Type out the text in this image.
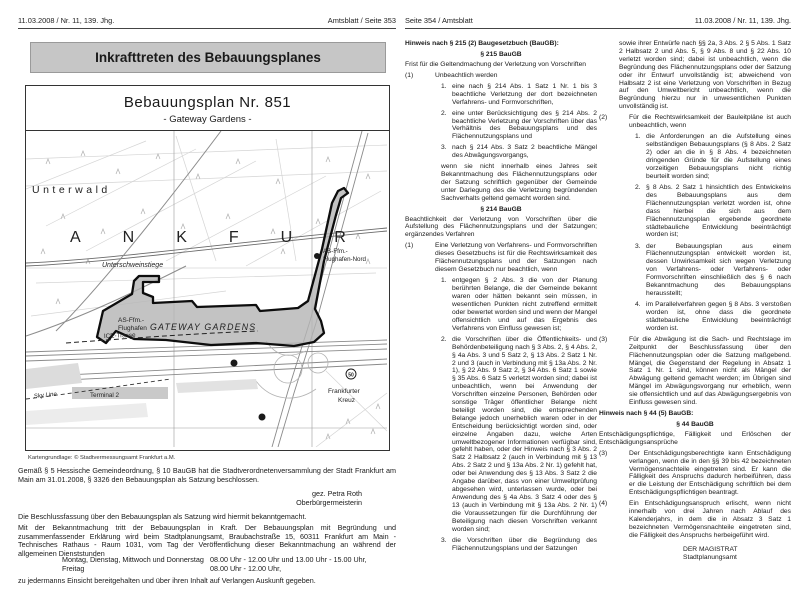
11.03.2008 / Nr. 11, 139. Jhg.	Amtsblatt / Seite 353
Inkrafttreten des Bebauungsplanes
Bebauungsplan Nr. 851
- Gateway Gardens -
50
Unterwald
ANKFUR
Unterschweinstiege
AS-Ffm.-
Flughafen-Nord
AS-Ffm.-
Flughafen GATEWAY GARDENS
ICE-Trasse
Terminal 2
Sky Line
Frankfurter
Kreuz
Kartengrundlage: © Stadtvermessungsamt Frankfurt a.M.
Gemäß § 5 Hessische Gemeindeordnung, § 10 BauGB hat die Stadtverordnetenversammlung der Stadt Frankfurt am Main am 31.01.2008, § 3326 den Bebauungsplan als Satzung beschlossen.
gez. Petra Roth
Oberbürgermeisterin
Die Beschlussfassung über den Bebauungsplan als Satzung wird hiermit bekanntgemacht.
Mit der Bekanntmachung tritt der Bebauungsplan in Kraft. Der Bebauungsplan mit Begründung und zusammenfassender Erklärung wird beim Stadtplanungsamt, Braubachstraße 15, 60311 Frankfurt am Main - Technisches Rathaus - Raum 1031, vom Tag der Veröffentlichung dieser Bekanntmachung an während der allgemeinen Dienststunden
Montag, Dienstag, Mittwoch und Donnerstag 08.00 Uhr - 12.00 Uhr und 13.00 Uhr - 15.00 Uhr,
Freitag	08.00 Uhr - 12.00 Uhr,
zu jedermanns Einsicht bereitgehalten und über ihren Inhalt auf Verlangen Auskunft gegeben.
Seite 354 / Amtsblatt	11.03.2008 / Nr. 11, 139. Jhg.
Hinweis nach § 215 (2) Baugesetzbuch (BauGB):
§ 215 BauGB
Frist für die Geltendmachung der Verletzung von Vorschriften
(1)	Unbeachtlich werden
1. eine nach § 214 Abs. 1 Satz 1 Nr. 1 bis 3 beachtliche Verletzung der dort bezeichneten Verfahrens- und Formvorschriften,
2. eine unter Berücksichtigung des § 214 Abs. 2 beachtliche Verletzung der Vorschriften über das Verhältnis des Bebauungsplans und des Flächennutzungsplans und
3. nach § 214 Abs. 3 Satz 2 beachtliche Mängel des Abwägungsvorgangs,
wenn sie nicht innerhalb eines Jahres seit Bekanntmachung des Flächennutzungsplans oder der Satzung schriftlich gegenüber der Gemeinde unter Darlegung des die Verletzung begründenden Sachverhalts geltend gemacht worden sind.
§ 214 BauGB
Beachtlichkeit der Verletzung von Vorschriften über die Aufstellung des Flächennutzungsplans und der Satzungen; ergänzendes Verfahren
(1)	Eine Verletzung von Verfahrens- und Formvorschriften dieses Gesetzbuchs ist für die Rechtswirksamkeit des Flächennutzungsplans und der Satzungen nach diesem Gesetzbuch nur beachtlich, wenn
1. entgegen § 2 Abs. 3 die von der Planung berührten Belange, die der Gemeinde bekannt waren oder hätten bekannt sein müssen, in wesentlichen Punkten nicht zutreffend ermittelt oder bewertet worden sind und wenn der Mangel offensichtlich und auf das Ergebnis des Verfahrens von Einfluss gewesen ist;
2. die Vorschriften über die Öffentlichkeits- und Behördenbeteiligung nach § 3 Abs. 2, § 4 Abs. 2, § 4a Abs. 3 und 5 Satz 2, § 13 Abs. 2 Satz 1 Nr. 2 und 3 (auch in Verbindung mit § 13a Abs. 2 Nr. 1), § 22 Abs. 9 Satz 2, § 34 Abs. 6 Satz 1 sowie § 35 Abs. 6 Satz 5 verletzt worden sind; dabei ist unbeachtlich, wenn bei Anwendung der Vorschriften einzelne Personen, Behörden oder sonstige Träger öffentlicher Belange nicht beteiligt worden sind, die entsprechenden Belange jedoch unerheblich waren oder in der Entscheidung berücksichtigt worden sind, oder einzelne Angaben dazu, welche Arten umweltbezogener Informationen verfügbar sind, gefehlt haben, oder der Hinweis nach § 3 Abs. 2 Satz 2 Halbsatz 2 (auch in Verbindung mit § 13 Abs. 2 Satz 2 und § 13a Abs. 2 Nr. 1) gefehlt hat, oder bei Anwendung des § 13 Abs. 3 Satz 2 die Angabe darüber, dass von einer Umweltprüfung abgesehen wird, unterlassen wurde, oder bei Anwendung des § 4a Abs. 3 Satz 4 oder des § 13 (auch in Verbindung mit § 13a Abs. 2 Nr. 1) die Voraussetzungen für die Durchführung der Beteiligung nach diesen Vorschriften verkannt worden sind;
3. die Vorschriften über die Begründung des Flächennutzungsplans und der Satzungen
sowie ihrer Entwürfe nach §§ 2a, 3 Abs. 2 § 5 Abs. 1 Satz 2 Halbsatz 2 und Abs. 5, § 9 Abs. 8 und § 22 Abs. 10 verletzt worden sind; dabei ist unbeachtlich, wenn die Begründung des Flächennutzungsplans oder der Satzung oder ihr Entwurf unvollständig ist; abweichend von Halbsatz 2 ist eine Verletzung von Vorschriften in Bezug auf den Umweltbericht unbeachtlich, wenn die Begründung hierzu nur in unwesentlichen Punkten unvollständig ist.
(2)	Für die Rechtswirksamkeit der Bauleitpläne ist auch unbeachtlich, wenn
1. die Anforderungen an die Aufstellung eines selbständigen Bebauungsplans (§ 8 Abs. 2 Satz 2) oder an die in § 8 Abs. 4 bezeichneten dringenden Gründe für die Aufstellung eines vorzeitigen Bebauungsplans nicht richtig beurteilt worden sind;
2. § 8 Abs. 2 Satz 1 hinsichtlich des Entwickelns des Bebauungsplans aus dem Flächennutzungsplan verletzt worden ist, ohne dass hierbei die sich aus dem Flächennutzungsplan ergebende geordnete städtebauliche Entwicklung beeinträchtigt worden ist;
3. der Bebauungsplan aus einem Flächennutzungsplan entwickelt worden ist, dessen Unwirksamkeit sich wegen Verletzung von Verfahrens- oder Verfahrens- oder Formvorschriften einschließlich des § 6 nach Bekanntmachung des Bebauungsplans herausstellt;
4. im Parallelverfahren gegen § 8 Abs. 3 verstoßen worden ist, ohne dass die geordnete städtebauliche Entwicklung beeinträchtigt worden ist.
(3)	Für die Abwägung ist die Sach- und Rechtslage im Zeitpunkt der Beschlussfassung über den Flächennutzungsplan oder die Satzung maßgebend. Mängel, die Gegenstand der Regelung in Absatz 1 Satz 1 Nr. 1 sind, können nicht als Mängel der Abwägung geltend gemacht werden; im Übrigen sind Mängel im Abwägungsvorgang nur erheblich, wenn sie offensichtlich und auf das Abwägungsergebnis von Einfluss gewesen sind.
Hinweis nach § 44 (5) BauGB:
§ 44 BauGB
Entschädigungspflichtige, Fälligkeit und Erlöschen der Entschädigungsansprüche
(3)	Der Entschädigungsberechtigte kann Entschädigung verlangen, wenn die in den §§ 39 bis 42 bezeichneten Vermögensnachteile eingetreten sind. Er kann die Fälligkeit des Anspruchs dadurch herbeiführen, dass er die Leistung der Entschädigung schriftlich bei dem Entschädigungspflichtigen beantragt.
(4)	Ein Entschädigungsanspruch erlischt, wenn nicht innerhalb von drei Jahren nach Ablauf des Kalenderjahrs, in dem die in Absatz 3 Satz 1 bezeichneten Vermögensnachteile eingetreten sind, die Fälligkeit des Anspruchs herbeigeführt wird.
DER MAGISTRAT
Stadtplanungsamt
